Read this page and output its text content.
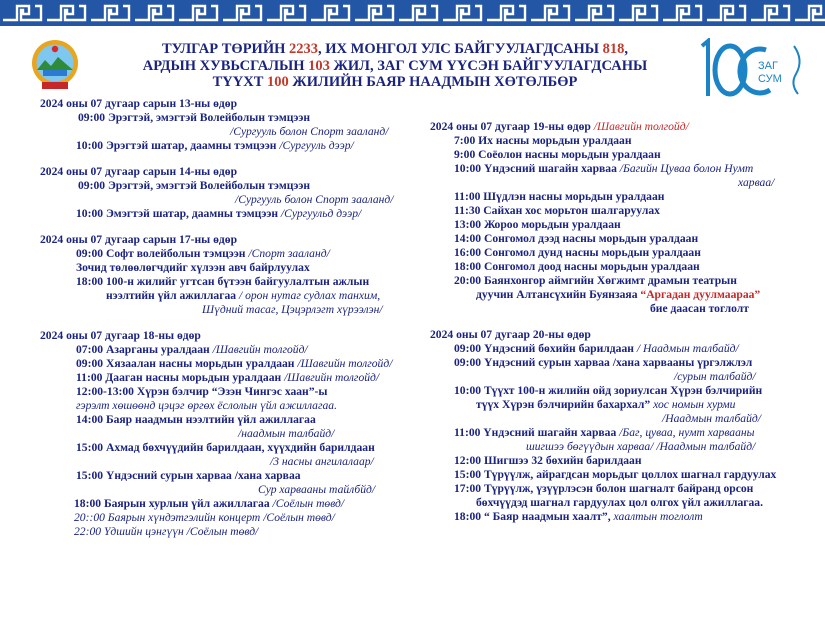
ЗАГ
СУМ
ТУЛГАР ТӨРИЙН 2233, ИХ МОНГОЛ УЛС БАЙГУУЛАГДСАНЫ 818,
АРДЫН ХУВЬСГАЛЫН 103 ЖИЛ, ЗАГ СУМ ҮҮСЭН БАЙГУУЛАГДСАНЫ
ТҮҮХТ 100 ЖИЛИЙН БАЯР НААДМЫН ХӨТӨЛБӨР
2024 оны 07 дугаар сарын 13-ны өдөр
09:00 Эрэгтэй, эмэгтэй Волейболын тэмцээн
/Сургууль болон Спорт зааланд/
10:00 Эрэгтэй шатар, даамны тэмцээн /Сургууль дээр/
2024 оны 07 дугаар сарын 14-ны өдөр
09:00 Эрэгтэй, эмэгтэй Волейболын тэмцээн
/Сургууль болон Спорт зааланд/
10:00 Эмэгтэй шатар, даамны тэмцээн /Сургуульд дээр/
2024 оны 07 дугаар сарын 17-ны өдөр
09:00 Софт волейболын тэмцээн /Спорт зааланд/
Зочид төлөөлөгчдийг хүлээн авч байрлуулах
18:00 100-н жилийг угтсан бүтээн байгуулалтын ажлын
нээлтийн үйл ажиллагаа / орон нутаг судлах танхим,
Шүдний тасаг, Цэцэрлэгт хүрээлэн/
2024 оны 07 дугаар 18-ны өдөр
07:00 Азарганы уралдаан /Шавгийн толгойд/
09:00 Хязаалан насны морьдын уралдаан /Шавгийн толгойд/
11:00 Дааган насны морьдын уралдаан /Шавгийн толгойд/
12:00-13:00 Хүрэн бэлчир “Эзэн Чингэс хаан”-ы
гэрэлт хөшөөнд цэцэг өргөх ёслолын үйл ажиллагаа.
14:00 Баяр наадмын нээлтийн үйл ажиллагаа
/наадмын талбайд/
15:00 Ахмад бөхчүүдийн барилдаан, хүүхдийн барилдаан
/3 насны ангилалаар/
15:00 Үндэсний сурын харваа /хана харваа
Сур харвааны тайлбйд/
18:00 Баярын хурлын үйл ажиллагаа /Соёлын төвд/
20::00 Баярын хүндэтгэлийн концерт /Соёлын төвд/
22:00 Үдшийн цэнгүүн /Соёлын төвд/
2024 оны 07 дугаар 19-ны өдөр /Шавгийн толгойд/
7:00 Их насны морьдын уралдаан
9:00 Соёолон насны морьдын уралдаан
10:00 Үндэсний шагайн харваа /Багийн Цуваа болон Нумт
харваа/
11:00 Шүдлэн насны морьдын уралдаан
11:30 Сайхан хос морьтон шалгаруулах
13:00 Жороо морьдын уралдаан
14:00 Сонгомол дээд насны морьдын уралдаан
16:00 Сонгомол дунд насны морьдын уралдаан
18:00 Сонгомол доод насны морьдын уралдаан
20:00 Баянхонгор аймгийн Хөгжимт драмын театрын
дуучин Алтансүхийн Буянзаяа “Аргадан дуулмаараа”
бие даасан тоглолт
2024 оны 07 дугаар 20-ны өдөр
09:00 Үндэсний бөхийн барилдаан / Наадмын талбайд/
09:00 Үндэсний сурын харваа /хана харвааны үргэлжлэл
/сурын талбайд/
10:00 Түүхт 100-н жилийн ойд зориулсан Хүрэн бэлчирийн
түүх Хүрэн бэлчирийн бахархал” хос номын хурми
/Наадмын талбайд/
11:00 Үндэсний шагайн харваа /Баг, цуваа, нумт харвааны
шигшээ бөгүүдын харваа/ /Наадмын талбайд/
12:00 Шигшээ 32 бөхийн барилдаан
15:00 Түрүүлж, айрагдсан морьдыг цоллох шагнал гардуулах
17:00 Түрүүлж, үзүүрлэсэн болон шагналт байранд орсон
бөхчүүдэд шагнал гардуулах цол олгох үйл ажиллагаа.
18:00 “ Баяр наадмын хаалт”, хаалтын тоглолт
